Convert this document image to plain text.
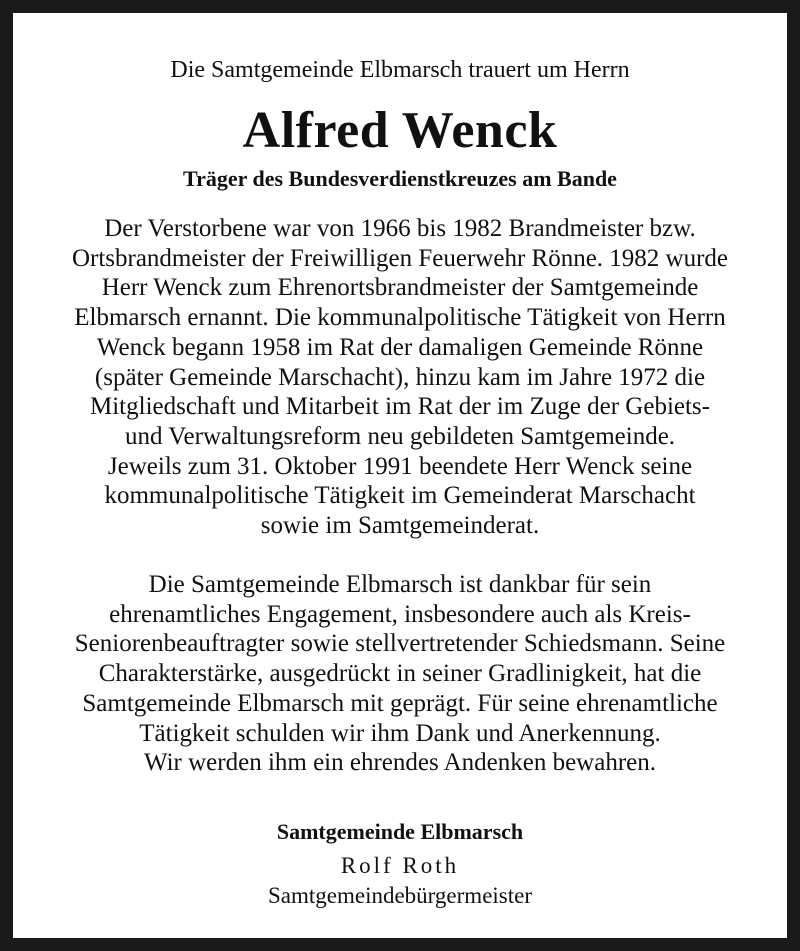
Die Samtgemeinde Elbmarsch trauert um Herrn

Alfred Wenck

Träger des Bundesverdienstkreuzes am Bande

Der Verstorbene war von 1966 bis 1982 Brandmeister bzw.

Ortsbrandmeister der Freiwilligen Feuerwehr Rönne. 1982 wurde

Herr Wenck zum Ehrenortsbrandmeister der Samtgemeinde

Elbmarsch ernannt. Die kommunalpolitische Tätigkeit von Herrn

Wenck begann 1958 im Rat der damaligen Gemeinde Rönne

(später Gemeinde Marschacht), hinzu kam im Jahre 1972 die

Mitgliedschaft und Mitarbeit im Rat der im Zuge der Gebiets-

und Verwaltungsreform neu gebildeten Samtgemeinde.

Jeweils zum 31. Oktober 1991 beendete Herr Wenck seine

kommunalpolitische Tätigkeit im Gemeinderat Marschacht

sowie im Samtgemeinderat.

Die Samtgemeinde Elbmarsch ist dankbar für sein

ehrenamtliches Engagement, insbesondere auch als Kreis-

Seniorenbeauftragter sowie stellvertretender Schiedsmann. Seine

Charakterstärke, ausgedrückt in seiner Gradlinigkeit, hat die

Samtgemeinde Elbmarsch mit geprägt. Für seine ehrenamtliche

Tätigkeit schulden wir ihm Dank und Anerkennung.

Wir werden ihm ein ehrendes Andenken bewahren.

Samtgemeinde Elbmarsch

Rolf Roth

Samtgemeindebürgermeister
